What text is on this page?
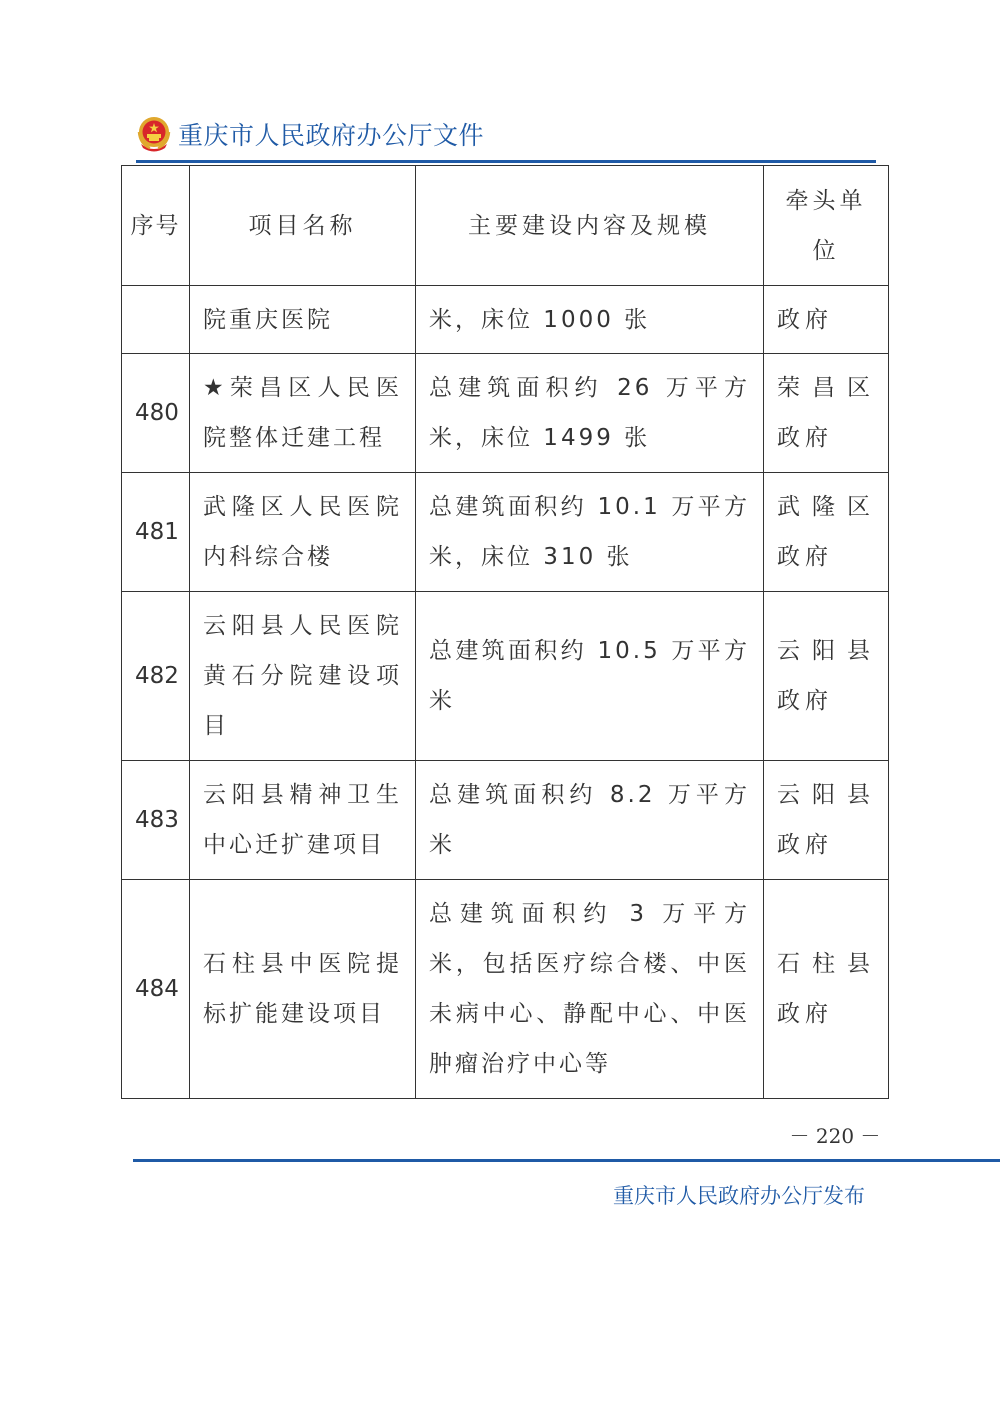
重庆市人民政府办公厅文件
序号	项目名称	主要建设内容及规模	牵头单位
	院重庆医院	米，床位 1000 张	政府
480	★荣昌区人民医院整体迁建工程	总建筑面积约 26 万平方米，床位 1499 张	荣昌区政府
481	武隆区人民医院内科综合楼	总建筑面积约 10.1 万平方米，床位 310 张	武隆区政府
482	云阳县人民医院黄石分院建设项目	总建筑面积约 10.5 万平方米	云阳县政府
483	云阳县精神卫生中心迁扩建项目	总建筑面积约 8.2 万平方米	云阳县政府
484	石柱县中医院提标扩能建设项目	总建筑面积约 3 万平方米，包括医疗综合楼、中医未病中心、静配中心、中医肿瘤治疗中心等	石柱县政府
－ 220 －
重庆市人民政府办公厅发布
